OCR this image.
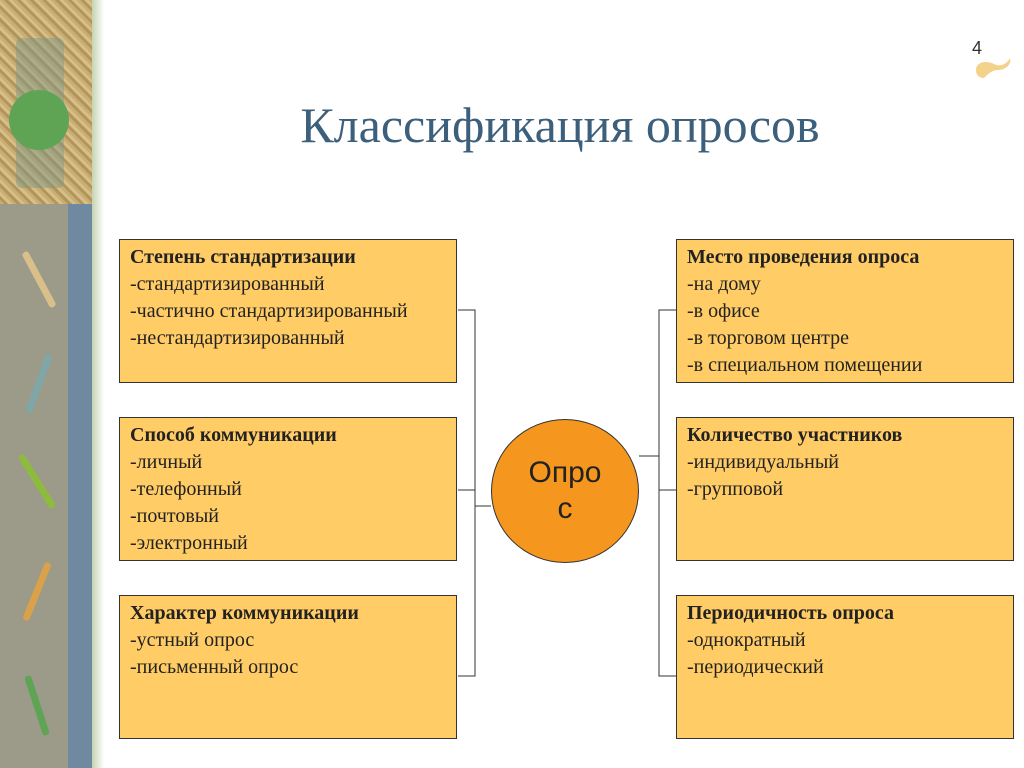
4
Классификация опросов
Степень стандартизации
-стандартизированный
-частично стандартизированный
-нестандартизированный
Способ коммуникации
-личный
-телефонный
-почтовый
-электронный
Характер коммуникации
-устный опрос
-письменный опрос
Место проведения опроса
-на дому
-в офисе
-в торговом центре
-в специальном помещении
Количество участников
-индивидуальный
-групповой
Периодичность опроса
-однократный
-периодический
Опрос
